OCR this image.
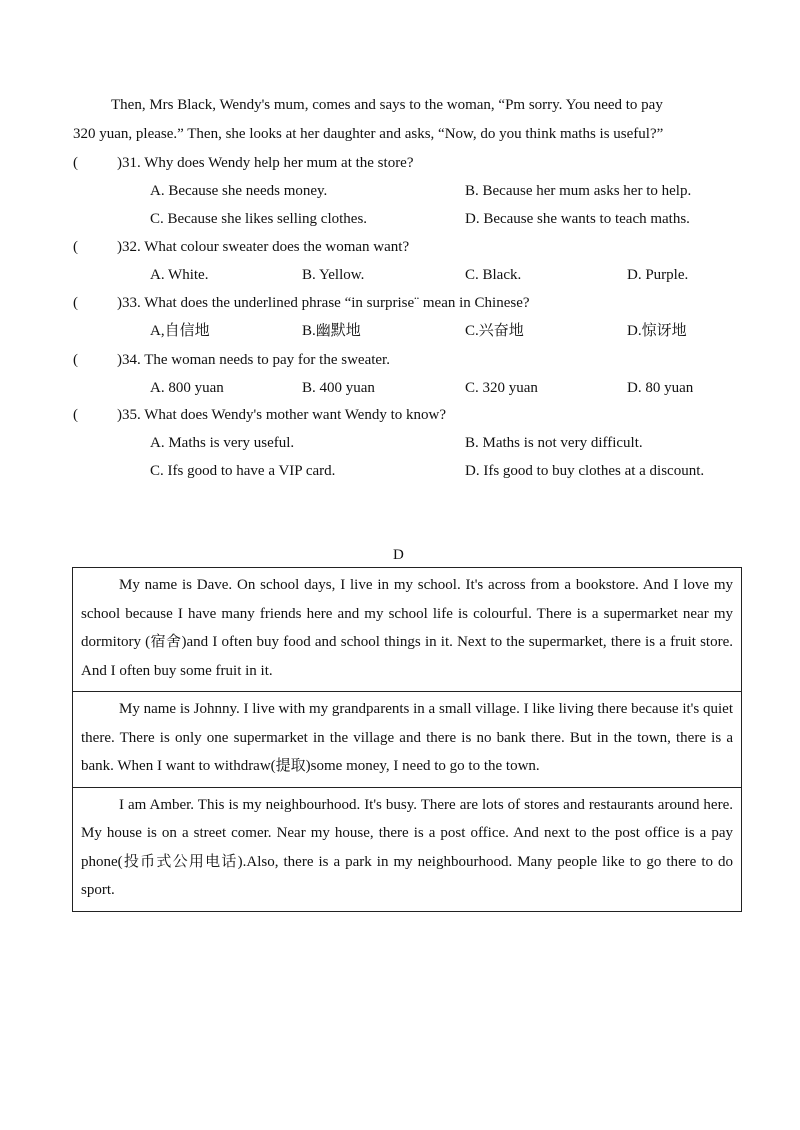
Then, Mrs Black, Wendy's mum, comes and says to the woman, “Pm sorry. You need to pay
320 yuan, please.” Then, she looks at her daughter and asks, “Now, do you think maths is useful?”
(	)31. Why does Wendy help her mum at the store?
A. Because she needs money.	B. Because her mum asks her to help.
C. Because she likes selling clothes.	D. Because she wants to teach maths.
(	)32. What colour sweater does the woman want?
A. White.	B. Yellow.	C. Black.	D. Purple.
(	)33. What does the underlined phrase “in surprise¨ mean in Chinese?
A,自信地	B.幽默地	C.兴奋地	D.惊讶地
(	)34. The woman needs to pay for the sweater.
A. 800 yuan	B. 400 yuan	C. 320 yuan	D. 80 yuan
(	)35. What does Wendy's mother want Wendy to know?
A. Maths is very useful.	B. Maths is not very difficult.
C. Ifs good to have a VIP card.	D. Ifs good to buy clothes at a discount.
D
My name is Dave. On school days, I live in my school. It's across from a bookstore. And I love my school because I have many friends here and my school life is colourful. There is a supermarket near my dormitory (宿舍)and I often buy food and school things in it. Next to the supermarket, there is a fruit store. And I often buy some fruit in it.
My name is Johnny. I live with my grandparents in a small village. I like living there because it's quiet there. There is only one supermarket in the village and there is no bank there. But in the town, there is a bank. When I want to withdraw(提取)some money, I need to go to the town.
I am Amber. This is my neighbourhood. It's busy. There are lots of stores and restaurants around here. My house is on a street comer. Near my house, there is a post office. And next to the post office is a pay phone(投币式公用电话).Also, there is a park in my neighbourhood. Many people like to go there to do sport.
